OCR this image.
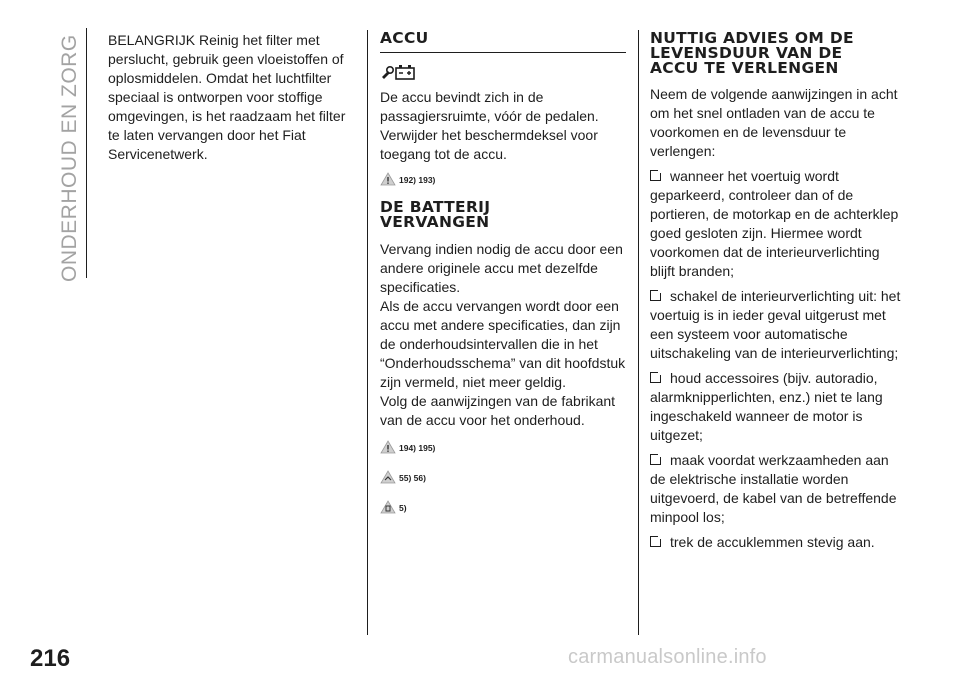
ONDERHOUD EN ZORG BELANGRIJK Reinig het filter met perslucht, gebruik geen vloeistoffen of oplosmiddelen. Omdat het luchtfilter speciaal is ontworpen voor stoffige omgevingen, is het raadzaam het filter te laten vervangen door het Fiat Servicenetwerk.

ACCU

De accu bevindt zich in de passagiersruimte, vóór de pedalen. Verwijder het beschermdeksel voor toegang tot de accu.

192) 193)
DE BATTERIJ
VERVANGEN

Vervang indien nodig de accu door een andere originele accu met dezelfde specificaties.

Als de accu vervangen wordt door een accu met andere specificaties, dan zijn de onderhoudsintervallen die in het “Onderhoudsschema” van dit hoofdstuk zijn vermeld, niet meer geldig.

Volg de aanwijzingen van de fabrikant van de accu voor het onderhoud.

194) 195)
55) 56)
5)
NUTTIG ADVIES OM DE
LEVENSDUUR VAN DE
ACCU TE VERLENGEN

Neem de volgende aanwijzingen in acht om het snel ontladen van de accu te voorkomen en de levensduur te verlengen:

wanneer het voertuig wordt geparkeerd, controleer dan of de portieren, de motorkap en de achterklep goed gesloten zijn. Hiermee wordt voorkomen dat de interieurverlichting blijft branden;

schakel de interieurverlichting uit: het voertuig is in ieder geval uitgerust met een systeem voor automatische uitschakeling van de interieurverlichting;

houd accessoires (bijv. autoradio, alarmknipperlichten, enz.) niet te lang ingeschakeld wanneer de motor is uitgezet;

maak voordat werkzaamheden aan de elektrische installatie worden uitgevoerd, de kabel van de betreffende minpool los;

trek de accuklemmen stevig aan.

216	carmanualsonline.info
